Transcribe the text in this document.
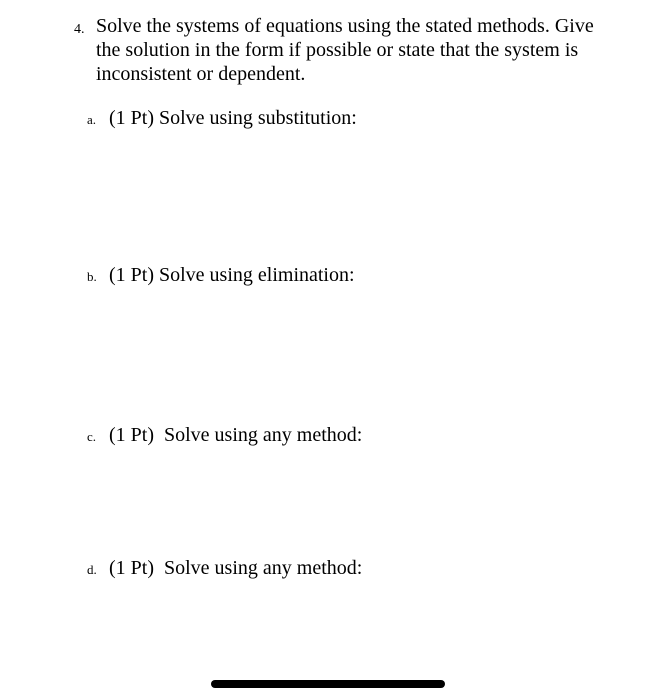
4. Solve the systems of equations using the stated methods. Give the solution in the form if possible or state that the system is inconsistent or dependent.

a. (1 Pt) Solve using substitution:
b. (1 Pt) Solve using elimination:
c. (1 Pt)  Solve using any method:
d. (1 Pt)  Solve using any method:
